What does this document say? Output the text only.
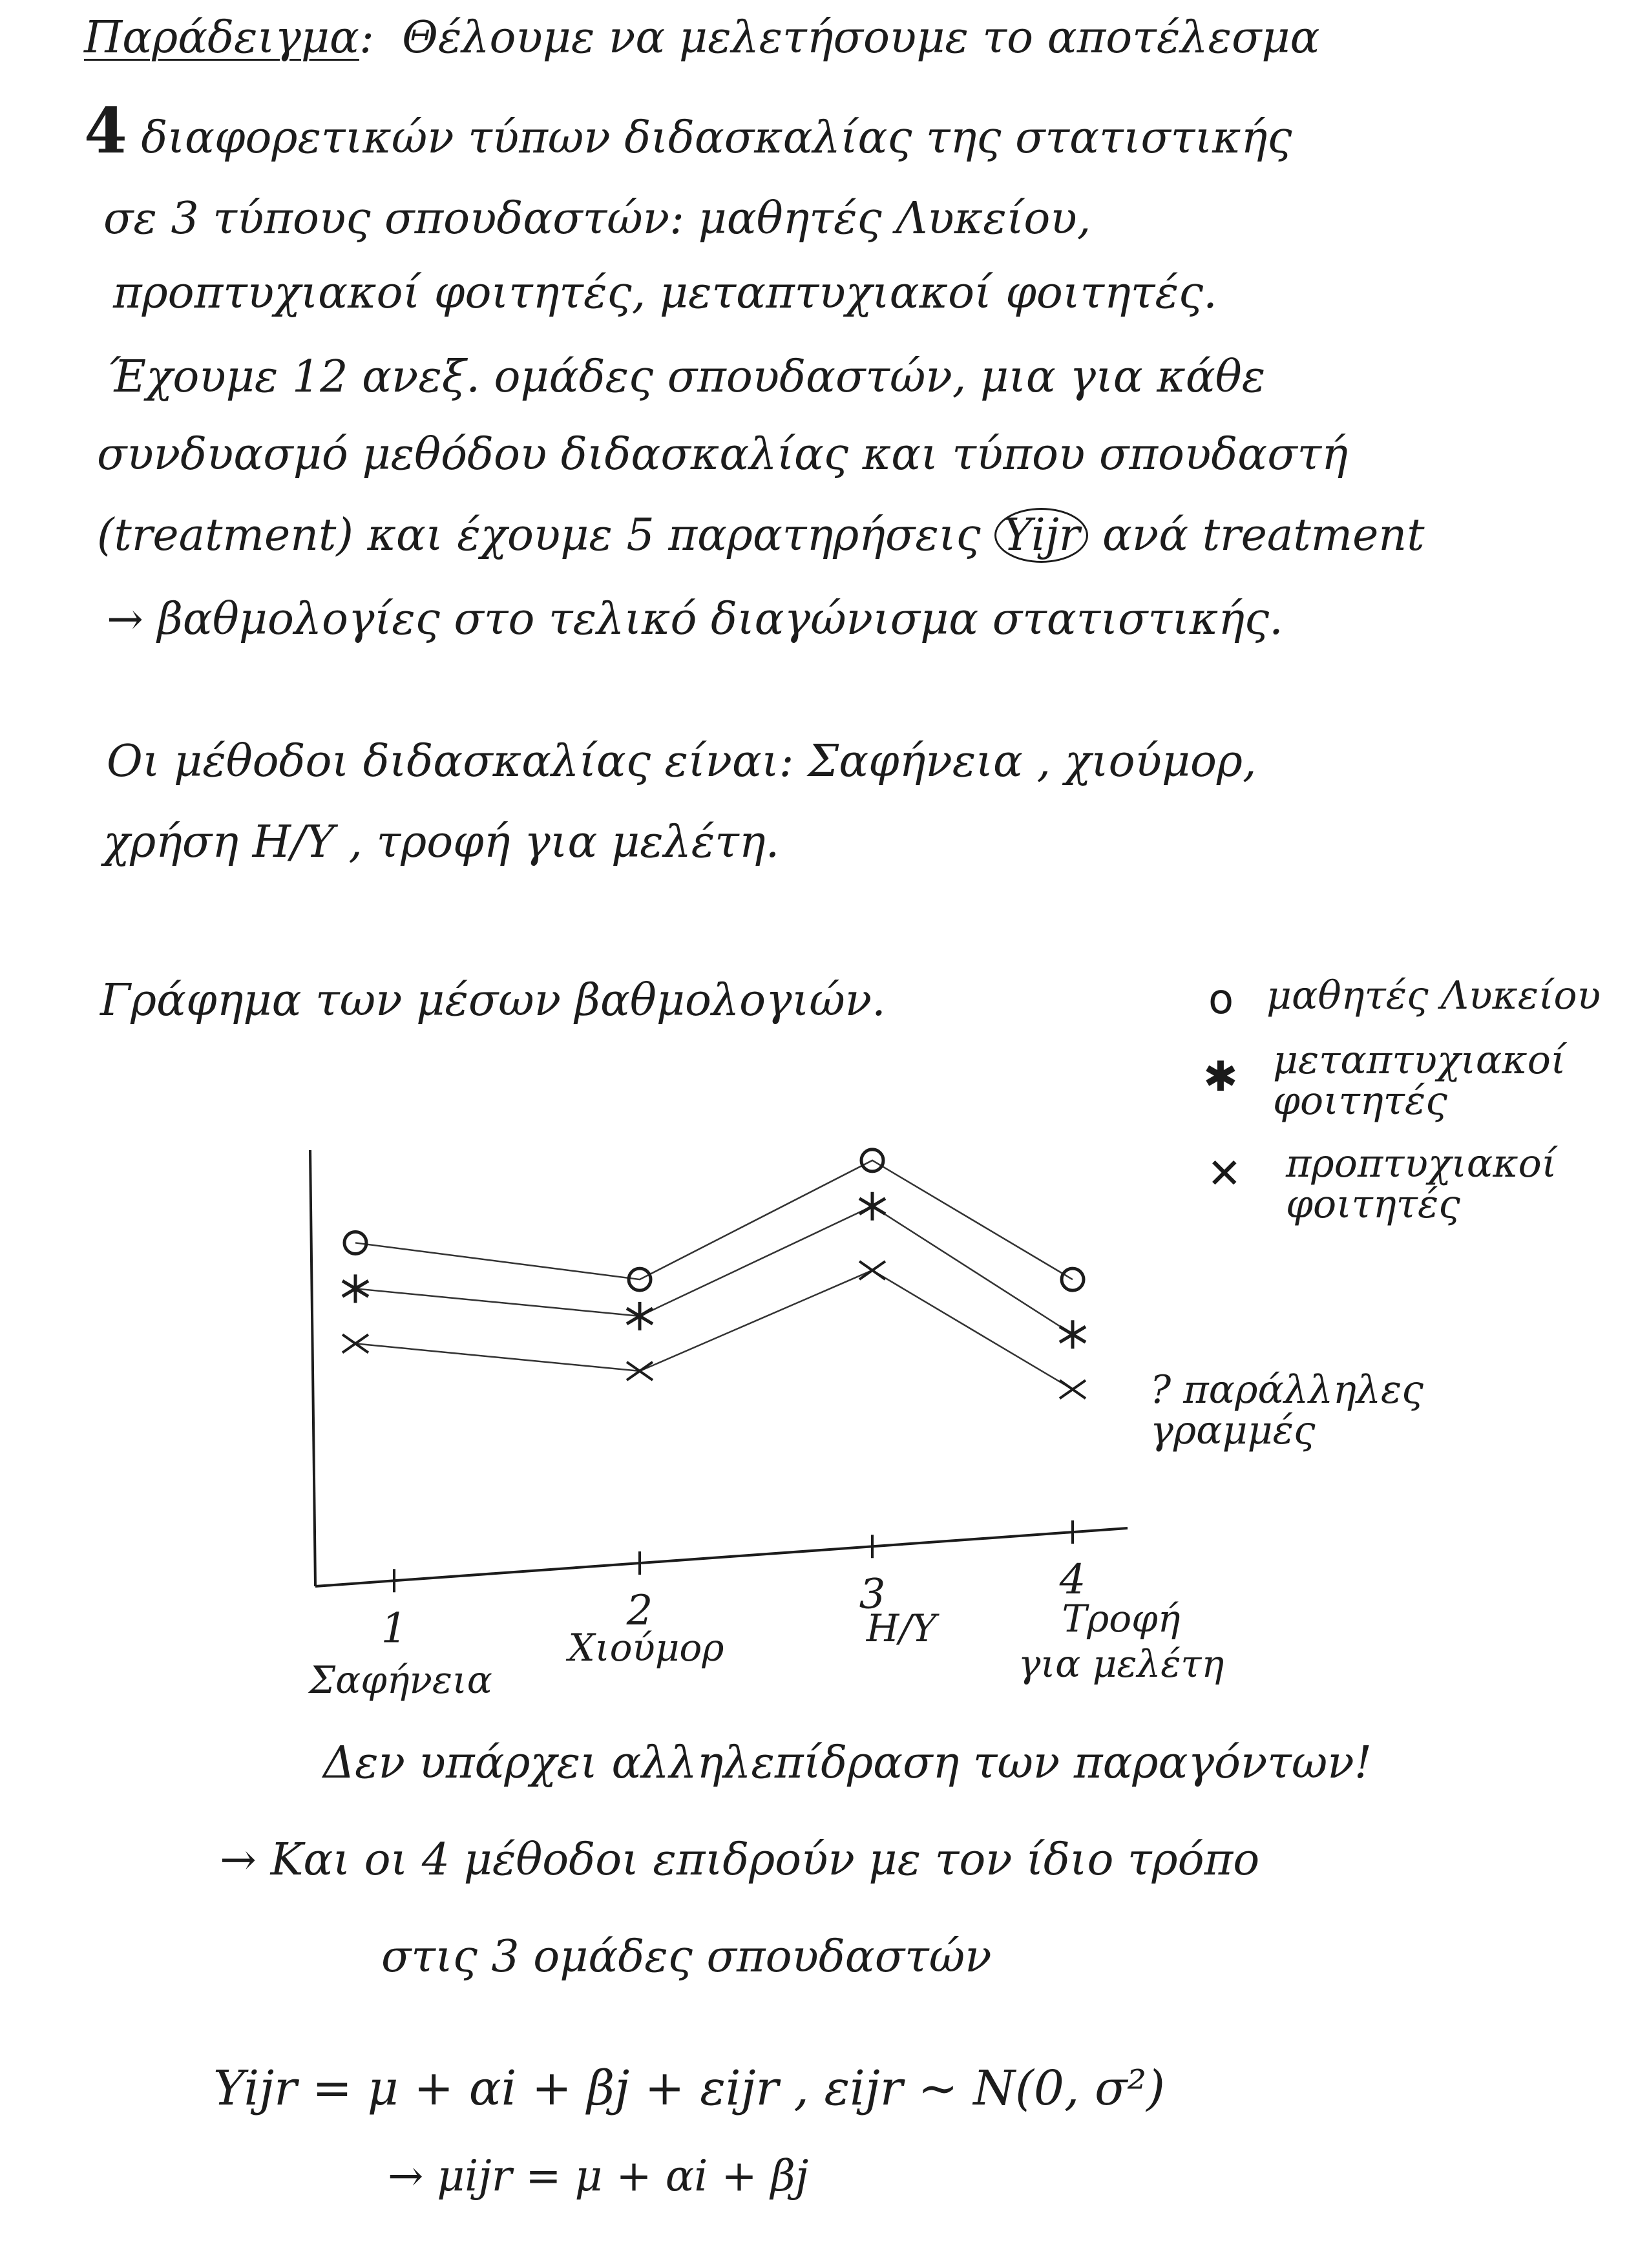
Παράδειγμα:  Θέλουμε να μελετήσουμε το αποτέλεσμα
4 διαφορετικών τύπων διδασκαλίας της στατιστικής
σε 3 τύπους σπουδαστών: μαθητές Λυκείου,
προπτυχιακοί φοιτητές, μεταπτυχιακοί φοιτητές.
Έχουμε 12 ανεξ. ομάδες σπουδαστών, μια για κάθε
συνδυασμό μεθόδου διδασκαλίας και τύπου σπουδαστή
(treatment) και έχουμε 5 παρατηρήσεις Yijr ανά treatment
→ βαθμολογίες στο τελικό διαγώνισμα στατιστικής.
Οι μέθοδοι διδασκαλίας είναι: Σαφήνεια , χιούμορ,
χρήση Η/Υ , τροφή για μελέτη.
Γράφημα των μέσων βαθμολογιών.	o μαθητές Λυκείου
✱ μεταπτυχιακοί φοιτητές
✕ προπτυχιακοί φοιτητές
? παράλληλες γραμμές
1	2	3	4
Σαφήνεια
Χιούμορ	Η/Υ	Τροφή
για μελέτη
Δεν υπάρχει αλληλεπίδραση των παραγόντων!
→ Και οι 4 μέθοδοι επιδρούν με τον ίδιο τρόπο
στις 3 ομάδες σπουδαστών
Yijr = μ + αi + βj + εijr , εijr ~ N(0, σ²)
→ μijr = μ + αi + βj
